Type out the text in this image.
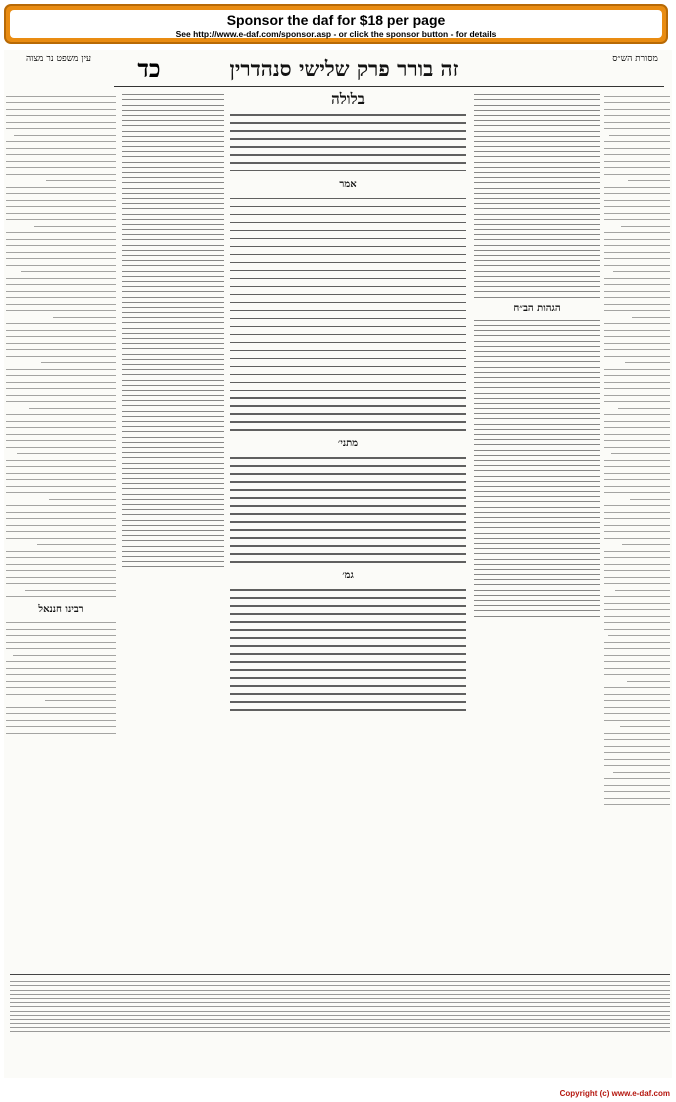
Sponsor the daf for $18 per page
See http://www.e-daf.com/sponsor.asp - or click the sponsor button - for details
עין משפט נר מצוה	כד	זה בורר פרק שלישי סנהדרין	מסורת הש״ס
הגהות הב״ח
בלולה
אמר
מתני׳
גמ׳
רבינו חננאל
Copyright (c) www.e-daf.com
